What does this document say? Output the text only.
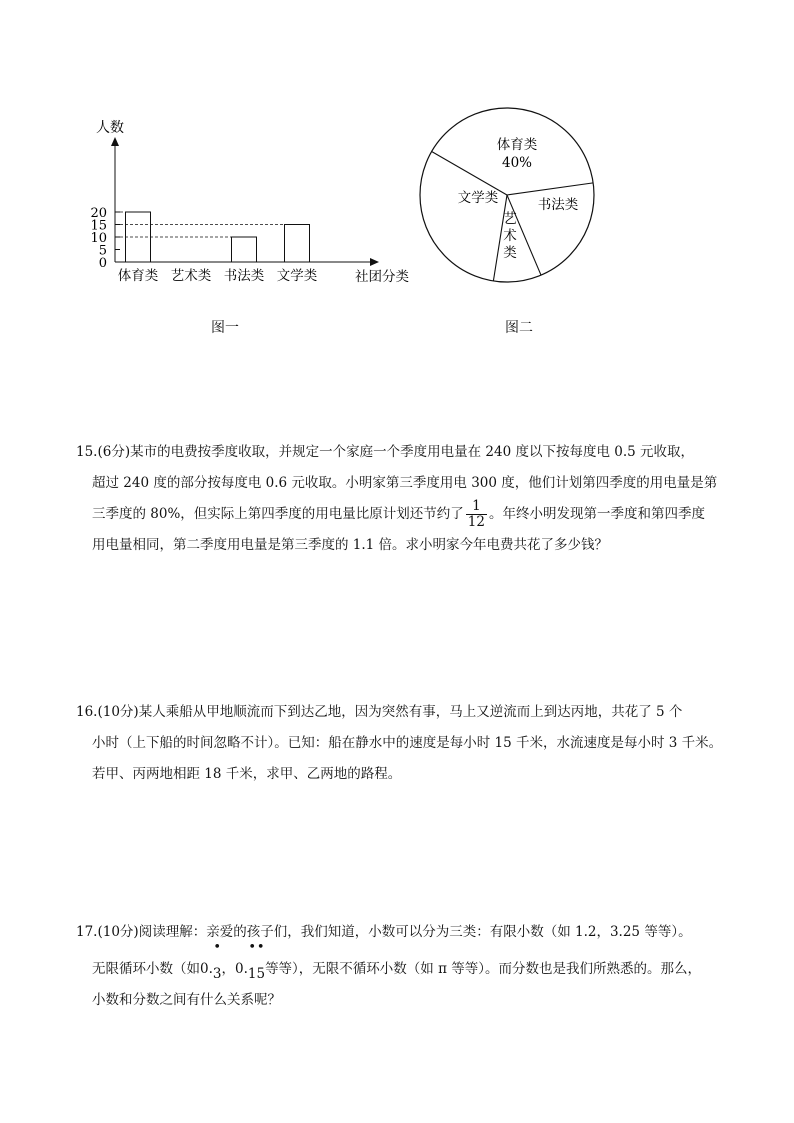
人数
社团分类
0
5
10
15
20
体育类 艺术类 书法类 文学类
图一
体育类
40%
书法类
艺
术
类
文学类
图二
15.(6分)某市的电费按季度收取，并规定一个家庭一个季度用电量在 240 度以下按每度电 0.5 元收取，
超过 240 度的部分按每度电 0.6 元收取。小明家第三季度用电 300 度，他们计划第四季度的用电量是第
三季度的 80%，但实际上第四季度的用电量比原计划还节约了 $\frac{1}{12}$ 。年终小明发现第一季度和第四季度
用电量相同，第二季度用电量是第三季度的 1.1 倍。求小明家今年电费共花了多少钱？
16.(10分)某人乘船从甲地顺流而下到达乙地，因为突然有事，马上又逆流而上到达丙地，共花了 5 个
小时（上下船的时间忽略不计）。已知：船在静水中的速度是每小时 15 千米，水流速度是每小时 3 千米。
若甲、丙两地相距 18 千米，求甲、乙两地的路程。
17.(10分)阅读理解：亲爱的孩子们，我们知道，小数可以分为三类：有限小数（如 1.2，3.25 等等）。
无限循环小数（如0.
•
3，0.
•
1
•
5等等），无限不循环小数（如 π 等等）。而分数也是我们所熟悉的。那么，
小数和分数之间有什么关系呢？
